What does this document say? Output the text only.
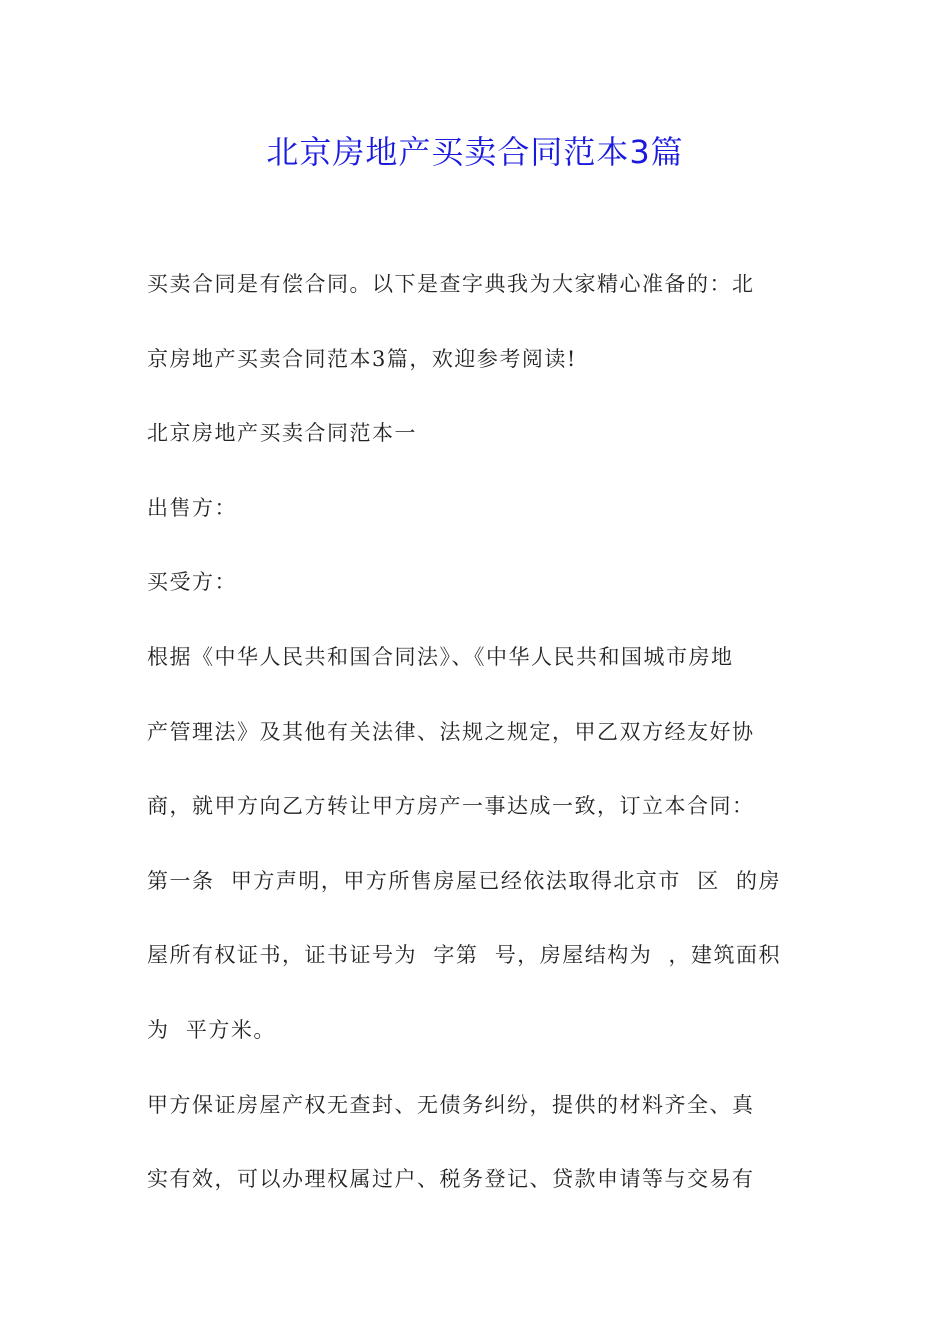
北京房地产买卖合同范本3篇
买卖合同是有偿合同。以下是查字典我为大家精心准备的：北
京房地产买卖合同范本3篇，欢迎参考阅读!
北京房地产买卖合同范本一
出售方：
买受方：
根据《中华人民共和国合同法》、《中华人民共和国城市房地
产管理法》及其他有关法律、法规之规定，甲乙双方经友好协
商，就甲方向乙方转让甲方房产一事达成一致，订立本合同：
第一条  甲方声明，甲方所售房屋已经依法取得北京市  区  的房
屋所有权证书，证书证号为  字第  号，房屋结构为  ，建筑面积
为  平方米。
甲方保证房屋产权无查封、无债务纠纷，提供的材料齐全、真
实有效，可以办理权属过户、税务登记、贷款申请等与交易有
